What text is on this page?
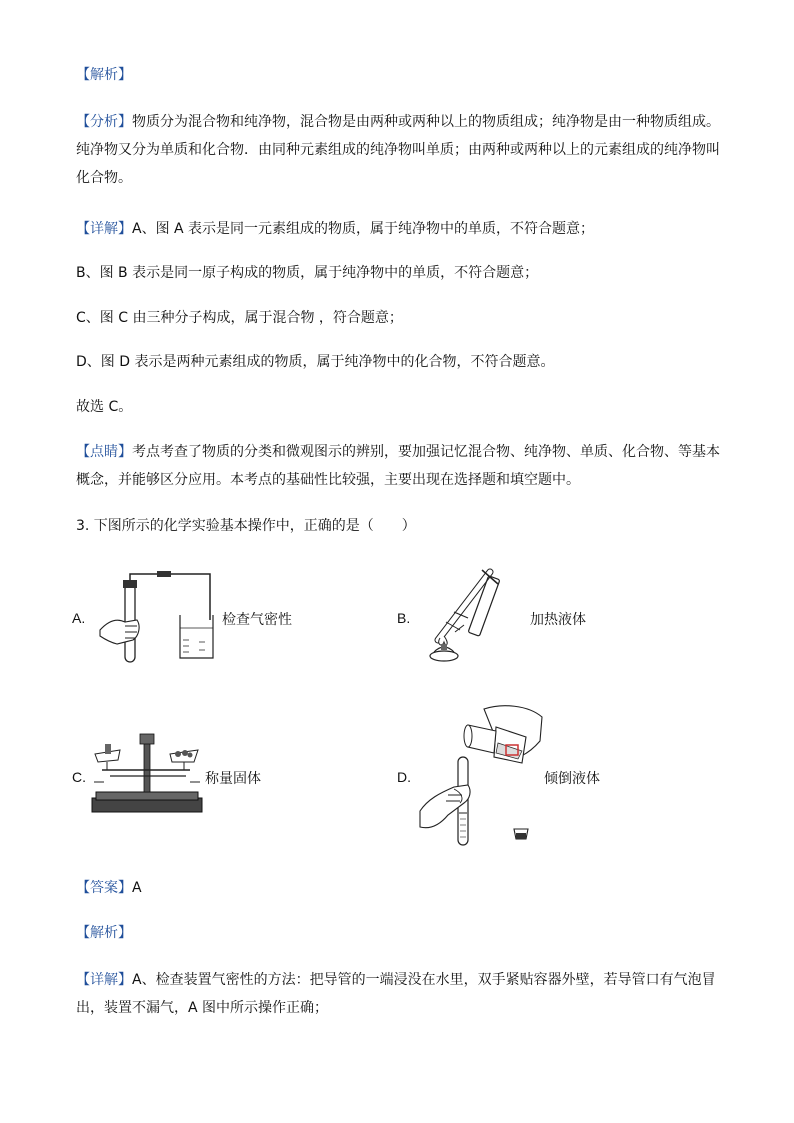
【解析】
【分析】物质分为混合物和纯净物，混合物是由两种或两种以上的物质组成；纯净物是由一种物质组成。纯净物又分为单质和化合物．由同种元素组成的纯净物叫单质；由两种或两种以上的元素组成的纯净物叫化合物。
【详解】A、图 A 表示是同一元素组成的物质，属于纯净物中的单质，不符合题意；
B、图 B 表示是同一原子构成的物质，属于纯净物中的单质，不符合题意；
C、图 C 由三种分子构成，属于混合物 ，符合题意；
D、图 D 表示是两种元素组成的物质，属于纯净物中的化合物，不符合题意。
故选 C。
【点睛】考点考查了物质的分类和微观图示的辨别，要加强记忆混合物、纯净物、单质、化合物、等基本概念，并能够区分应用。本考点的基础性比较强，主要出现在选择题和填空题中。
3. 下图所示的化学实验基本操作中，正确的是（　　）
A.	检查气密性	B.	加热液体
C.	称量固体	D.	倾倒液体
【答案】A
【解析】
【详解】A、检查装置气密性的方法：把导管的一端浸没在水里，双手紧贴容器外壁，若导管口有气泡冒出，装置不漏气，A 图中所示操作正确；
